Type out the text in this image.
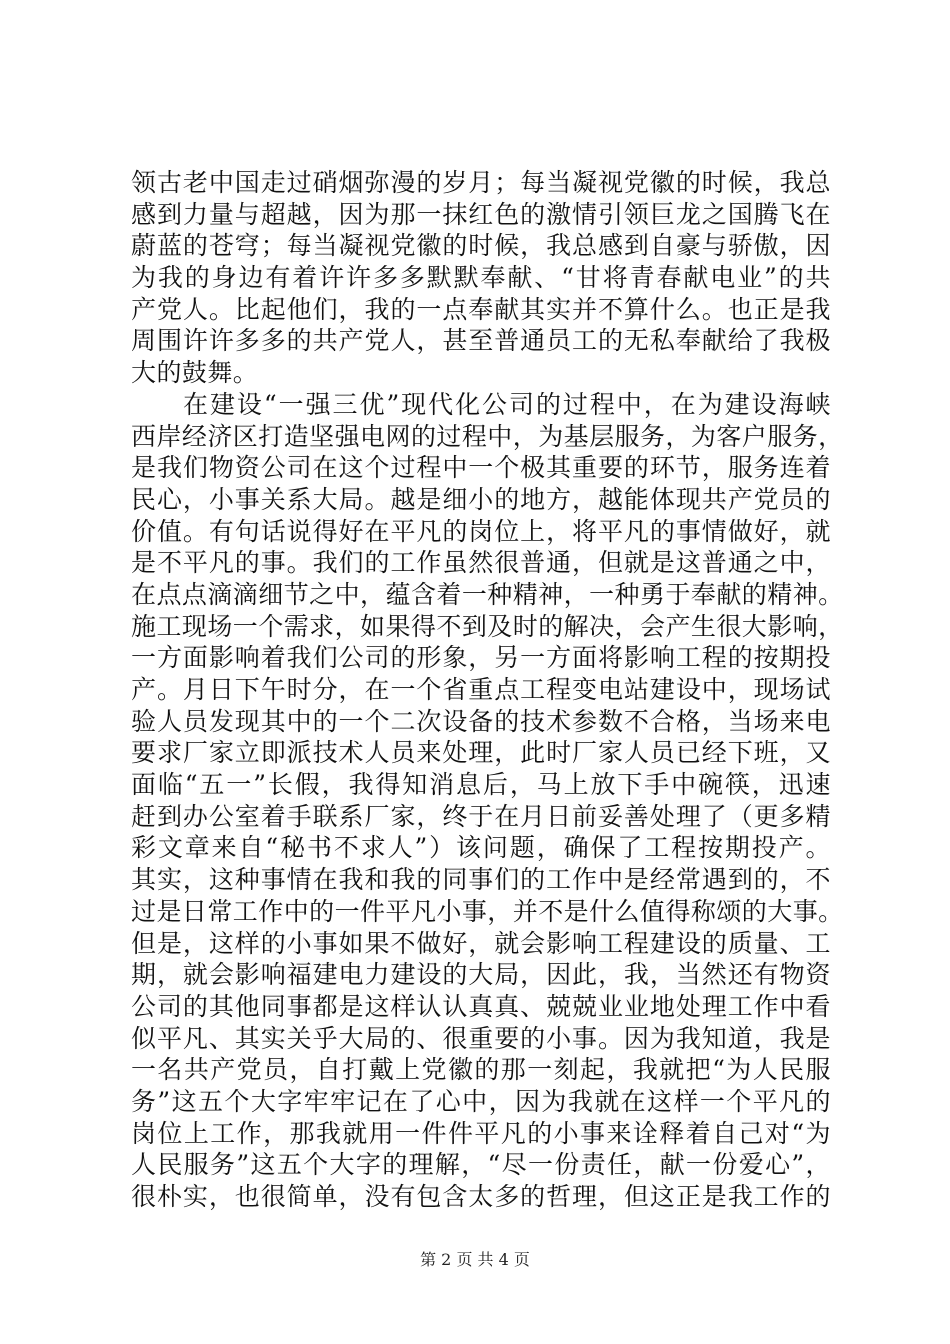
领古老中国走过硝烟弥漫的岁月；每当凝视党徽的时候，我总
感到力量与超越，因为那一抹红色的激情引领巨龙之国腾飞在
蔚蓝的苍穹；每当凝视党徽的时候，我总感到自豪与骄傲，因
为我的身边有着许许多多默默奉献、“甘将青春献电业”的共
产党人。比起他们，我的一点奉献其实并不算什么。也正是我
周围许许多多的共产党人，甚至普通员工的无私奉献给了我极
大的鼓舞。
在建设“一强三优”现代化公司的过程中，在为建设海峡
西岸经济区打造坚强电网的过程中，为基层服务，为客户服务，
是我们物资公司在这个过程中一个极其重要的环节，服务连着
民心，小事关系大局。越是细小的地方，越能体现共产党员的
价值。有句话说得好在平凡的岗位上，将平凡的事情做好，就
是不平凡的事。我们的工作虽然很普通，但就是这普通之中，
在点点滴滴细节之中，蕴含着一种精神，一种勇于奉献的精神。
施工现场一个需求，如果得不到及时的解决，会产生很大影响，
一方面影响着我们公司的形象，另一方面将影响工程的按期投
产。月日下午时分，在一个省重点工程变电站建设中，现场试
验人员发现其中的一个二次设备的技术参数不合格，当场来电
要求厂家立即派技术人员来处理，此时厂家人员已经下班，又
面临“五一”长假，我得知消息后，马上放下手中碗筷，迅速
赶到办公室着手联系厂家，终于在月日前妥善处理了（更多精
彩文章来自“秘书不求人”）该问题，确保了工程按期投产。
其实，这种事情在我和我的同事们的工作中是经常遇到的，不
过是日常工作中的一件平凡小事，并不是什么值得称颂的大事。
但是，这样的小事如果不做好，就会影响工程建设的质量、工
期，就会影响福建电力建设的大局，因此，我，当然还有物资
公司的其他同事都是这样认认真真、兢兢业业地处理工作中看
似平凡、其实关乎大局的、很重要的小事。因为我知道，我是
一名共产党员，自打戴上党徽的那一刻起，我就把“为人民服
务”这五个大字牢牢记在了心中，因为我就在这样一个平凡的
岗位上工作，那我就用一件件平凡的小事来诠释着自己对“为
人民服务”这五个大字的理解，“尽一份责任，献一份爱心”，
很朴实，也很简单，没有包含太多的哲理，但这正是我工作的
第 2 页 共 4 页
